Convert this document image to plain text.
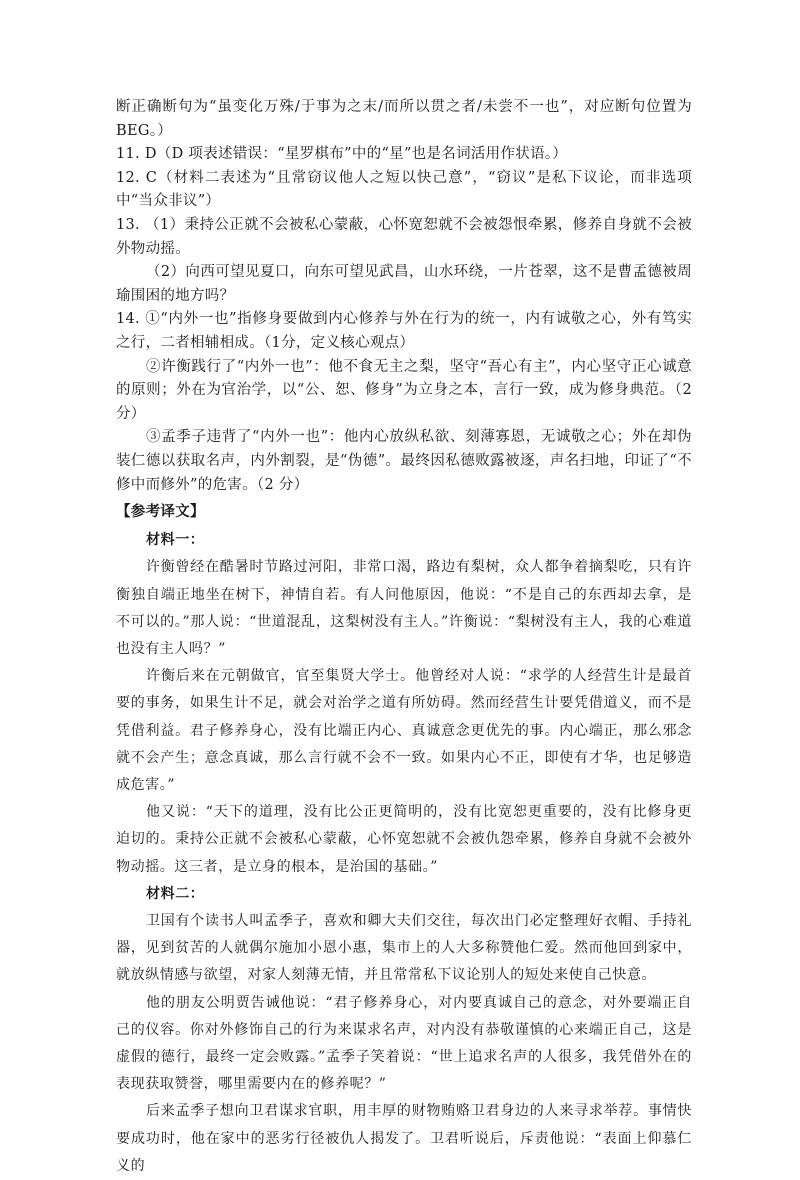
断正确断句为“虽变化万殊/于事为之末/而所以贯之者/未尝不一也”，对应断句位置为 BEG。）

11. D（D 项表述错误：“星罗棋布”中的“星”也是名词活用作状语。）

12. C（材料二表述为“且常窃议他人之短以快己意”，“窃议”是私下议论，而非选项中“当众非议”）

13. （1）秉持公正就不会被私心蒙蔽，心怀宽恕就不会被怨恨牵累，修养自身就不会被外物动摇。

（2）向西可望见夏口，向东可望见武昌，山水环绕，一片苍翠，这不是曹孟德被周瑜围困的地方吗？

14. ①“内外一也”指修身要做到内心修养与外在行为的统一，内有诚敬之心，外有笃实之行，二者相辅相成。（1分，定义核心观点）

②许衡践行了“内外一也”：他不食无主之梨，坚守“吾心有主”，内心坚守正心诚意的原则；外在为官治学，以“公、恕、修身”为立身之本，言行一致，成为修身典范。（2分）

③孟季子违背了“内外一也”：他内心放纵私欲、刻薄寡恩，无诚敬之心；外在却伪装仁德以获取名声，内外割裂，是“伪德”。最终因私德败露被逐，声名扫地，印证了“不修中而修外”的危害。（2 分）

【参考译文】

材料一：

许衡曾经在酷暑时节路过河阳，非常口渴，路边有梨树，众人都争着摘梨吃，只有许衡独自端正地坐在树下，神情自若。有人问他原因，他说：“不是自己的东西却去拿，是不可以的。”那人说：“世道混乱，这梨树没有主人。”许衡说：“梨树没有主人，我的心难道也没有主人吗？”

许衡后来在元朝做官，官至集贤大学士。他曾经对人说：“求学的人经营生计是最首要的事务，如果生计不足，就会对治学之道有所妨碍。然而经营生计要凭借道义，而不是凭借利益。君子修养身心，没有比端正内心、真诚意念更优先的事。内心端正，那么邪念就不会产生；意念真诚，那么言行就不会不一致。如果内心不正，即使有才华，也足够造成危害。”

他又说：“天下的道理，没有比公正更简明的，没有比宽恕更重要的，没有比修身更迫切的。秉持公正就不会被私心蒙蔽，心怀宽恕就不会被仇怨牵累，修养自身就不会被外物动摇。这三者，是立身的根本，是治国的基础。”

材料二：

卫国有个读书人叫孟季子，喜欢和卿大夫们交往，每次出门必定整理好衣帽、手持礼器，见到贫苦的人就偶尔施加小恩小惠，集市上的人大多称赞他仁爱。然而他回到家中，就放纵情感与欲望，对家人刻薄无情，并且常常私下议论别人的短处来使自己快意。

他的朋友公明贾告诫他说：“君子修养身心，对内要真诚自己的意念，对外要端正自己的仪容。你对外修饰自己的行为来谋求名声，对内没有恭敬谨慎的心来端正自己，这是虚假的德行，最终一定会败露。”孟季子笑着说：“世上追求名声的人很多，我凭借外在的表现获取赞誉，哪里需要内在的修养呢？”

后来孟季子想向卫君谋求官职，用丰厚的财物贿赂卫君身边的人来寻求举荐。事情快要成功时，他在家中的恶劣行径被仇人揭发了。卫君听说后，斥责他说：“表面上仰慕仁义的
